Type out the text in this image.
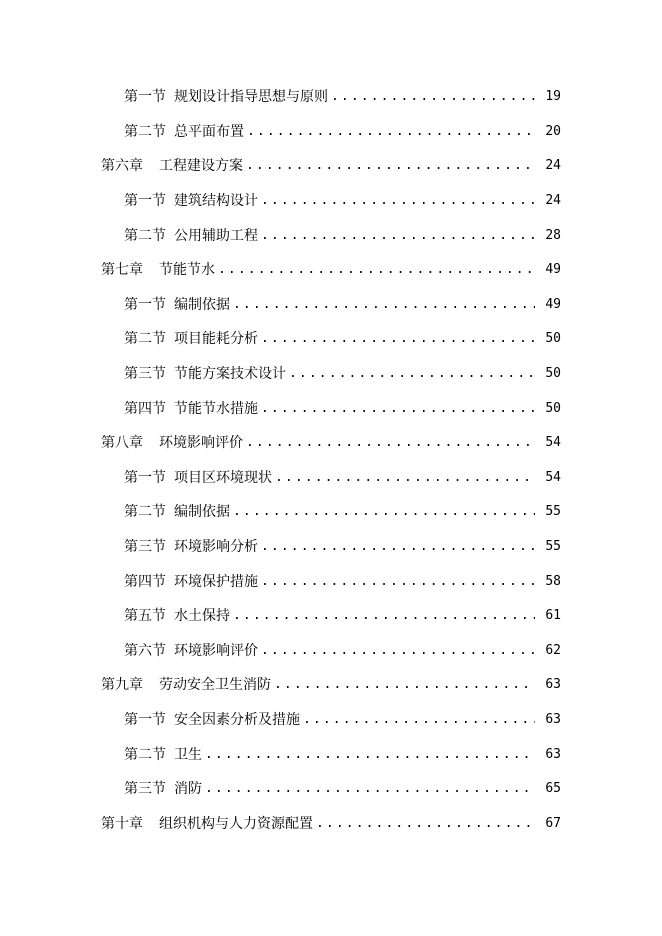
第一节 规划设计指导思想与原则 .....	19
第二节 总平面布置 .....	20
第六章 工程建设方案 .....	24
第一节 建筑结构设计 .....	24
第二节 公用辅助工程 .....	28
第七章 节能节水 .....	49
第一节 编制依据 .....	49
第二节 项目能耗分析 .....	50
第三节 节能方案技术设计 .....	50
第四节 节能节水措施 .....	50
第八章 环境影响评价 .....	54
第一节 项目区环境现状 .....	54
第二节 编制依据 .....	55
第三节 环境影响分析 .....	55
第四节 环境保护措施 .....	58
第五节 水土保持 .....	61
第六节 环境影响评价 .....	62
第九章 劳动安全卫生消防 .....	63
第一节 安全因素分析及措施 .....	63
第二节 卫生 .....	63
第三节 消防 .....	65
第十章 组织机构与人力资源配置 .....	67
